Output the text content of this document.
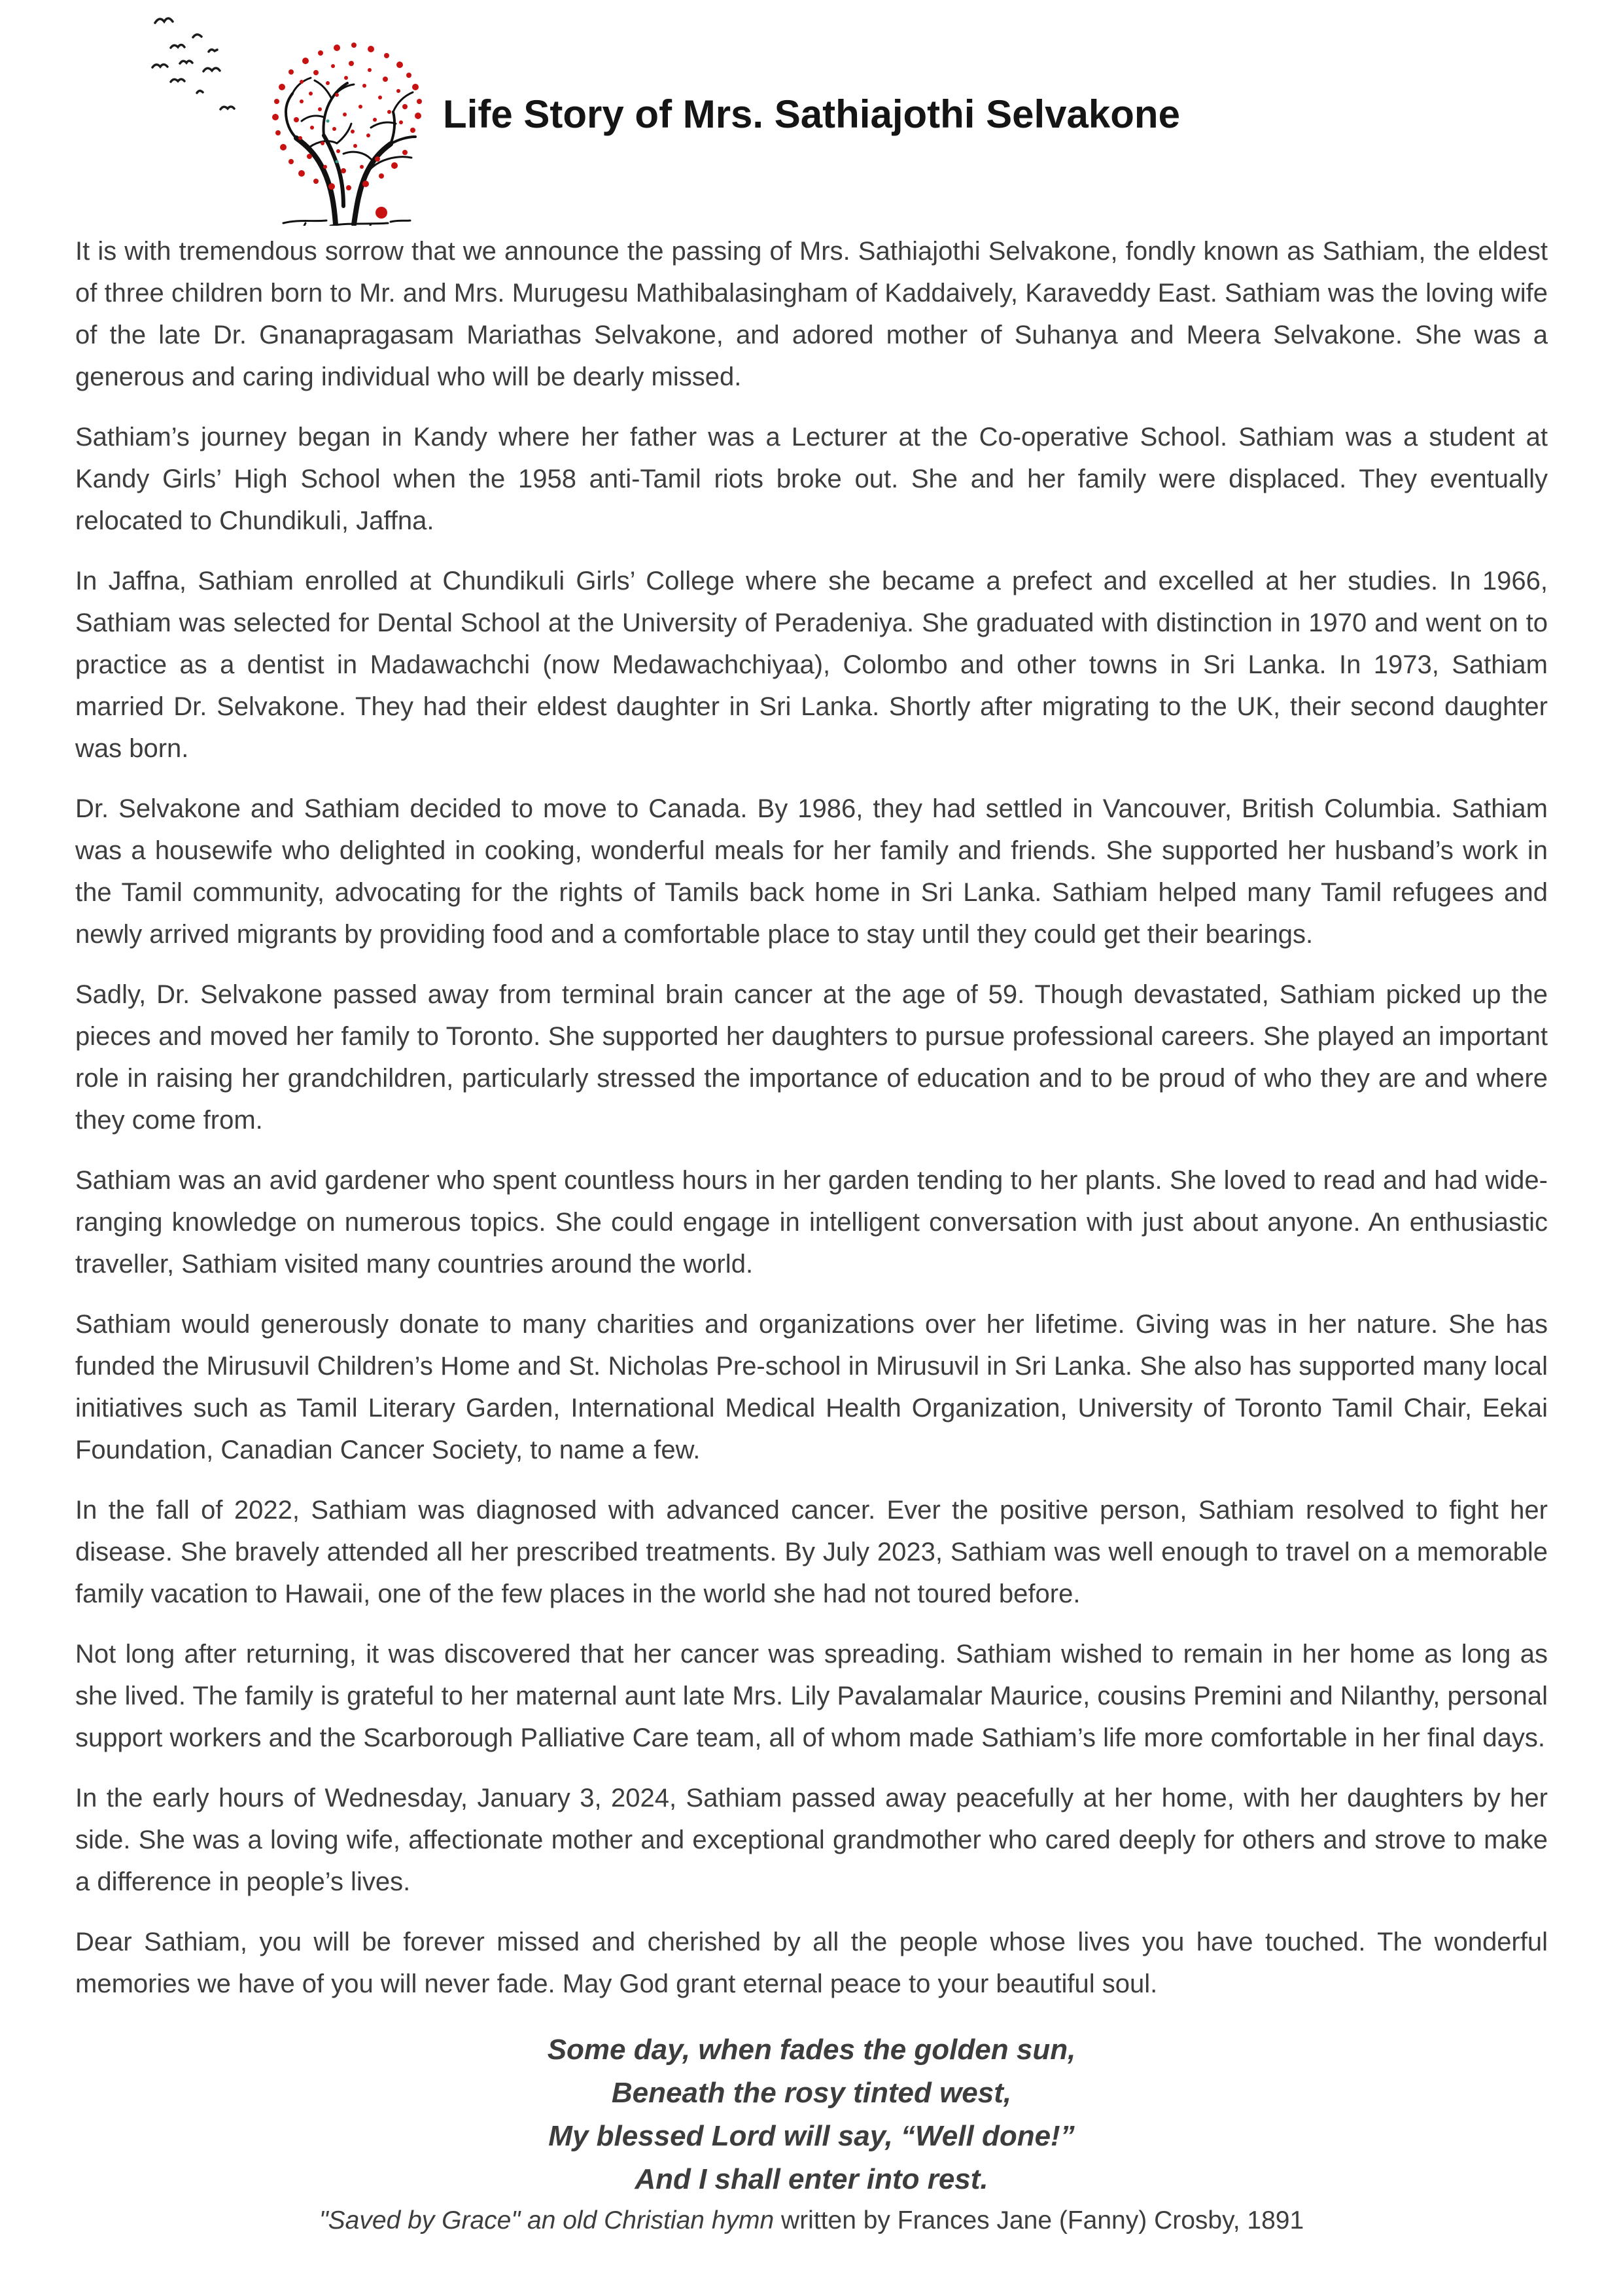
Life Story of Mrs. Sathiajothi Selvakone

It is with tremendous sorrow that we announce the passing of Mrs. Sathiajothi Selvakone, fondly known as Sathiam, the eldest of three children born to Mr. and Mrs. Murugesu Mathibalasingham of Kaddaively, Karaveddy East. Sathiam was the loving wife of the late Dr. Gnanapragasam Mariathas Selvakone, and adored mother of Suhanya and Meera Selvakone. She was a generous and caring individual who will be dearly missed.

Sathiam’s journey began in Kandy where her father was a Lecturer at the Co-operative School. Sathiam was a student at Kandy Girls’ High School when the 1958 anti-Tamil riots broke out. She and her family were displaced. They eventually relocated to Chundikuli, Jaffna.

In Jaffna, Sathiam enrolled at Chundikuli Girls’ College where she became a prefect and excelled at her studies. In 1966, Sathiam was selected for Dental School at the University of Peradeniya. She graduated with distinction in 1970 and went on to practice as a dentist in Madawachchi (now Medawachchiyaa), Colombo and other towns in Sri Lanka. In 1973, Sathiam married Dr. Selvakone. They had their eldest daughter in Sri Lanka. Shortly after migrating to the UK, their second daughter was born.

Dr. Selvakone and Sathiam decided to move to Canada. By 1986, they had settled in Vancouver, British Columbia. Sathiam was a housewife who delighted in cooking, wonderful meals for her family and friends. She supported her husband’s work in the Tamil community, advocating for the rights of Tamils back home in Sri Lanka. Sathiam helped many Tamil refugees and newly arrived migrants by providing food and a comfortable place to stay until they could get their bearings.

Sadly, Dr. Selvakone passed away from terminal brain cancer at the age of 59. Though devastated, Sathiam picked up the pieces and moved her family to Toronto. She supported her daughters to pursue professional careers. She played an important role in raising her grandchildren, particularly stressed the importance of education and to be proud of who they are and where they come from.

Sathiam was an avid gardener who spent countless hours in her garden tending to her plants. She loved to read and had wide-ranging knowledge on numerous topics. She could engage in intelligent conversation with just about anyone. An enthusiastic traveller, Sathiam visited many countries around the world.

Sathiam would generously donate to many charities and organizations over her lifetime. Giving was in her nature. She has funded the Mirusuvil Children’s Home and St. Nicholas Pre-school in Mirusuvil in Sri Lanka. She also has supported many local initiatives such as Tamil Literary Garden, International Medical Health Organization, University of Toronto Tamil Chair, Eekai Foundation, Canadian Cancer Society, to name a few.

In the fall of 2022, Sathiam was diagnosed with advanced cancer. Ever the positive person, Sathiam resolved to fight her disease. She bravely attended all her prescribed treatments. By July 2023, Sathiam was well enough to travel on a memorable family vacation to Hawaii, one of the few places in the world she had not toured before.

Not long after returning, it was discovered that her cancer was spreading. Sathiam wished to remain in her home as long as she lived. The family is grateful to her maternal aunt late Mrs. Lily Pavalamalar Maurice, cousins Premini and Nilanthy, personal support workers and the Scarborough Palliative Care team, all of whom made Sathiam’s life more comfortable in her final days.

In the early hours of Wednesday, January 3, 2024, Sathiam passed away peacefully at her home, with her daughters by her side. She was a loving wife, affectionate mother and exceptional grandmother who cared deeply for others and strove to make a difference in people’s lives.

Dear Sathiam, you will be forever missed and cherished by all the people whose lives you have touched. The wonderful memories we have of you will never fade. May God grant eternal peace to your beautiful soul.

Some day, when fades the golden sun,
Beneath the rosy tinted west,
My blessed Lord will say, “Well done!”
And I shall enter into rest.
"Saved by Grace" an old Christian hymn written by Frances Jane (Fanny) Crosby, 1891
